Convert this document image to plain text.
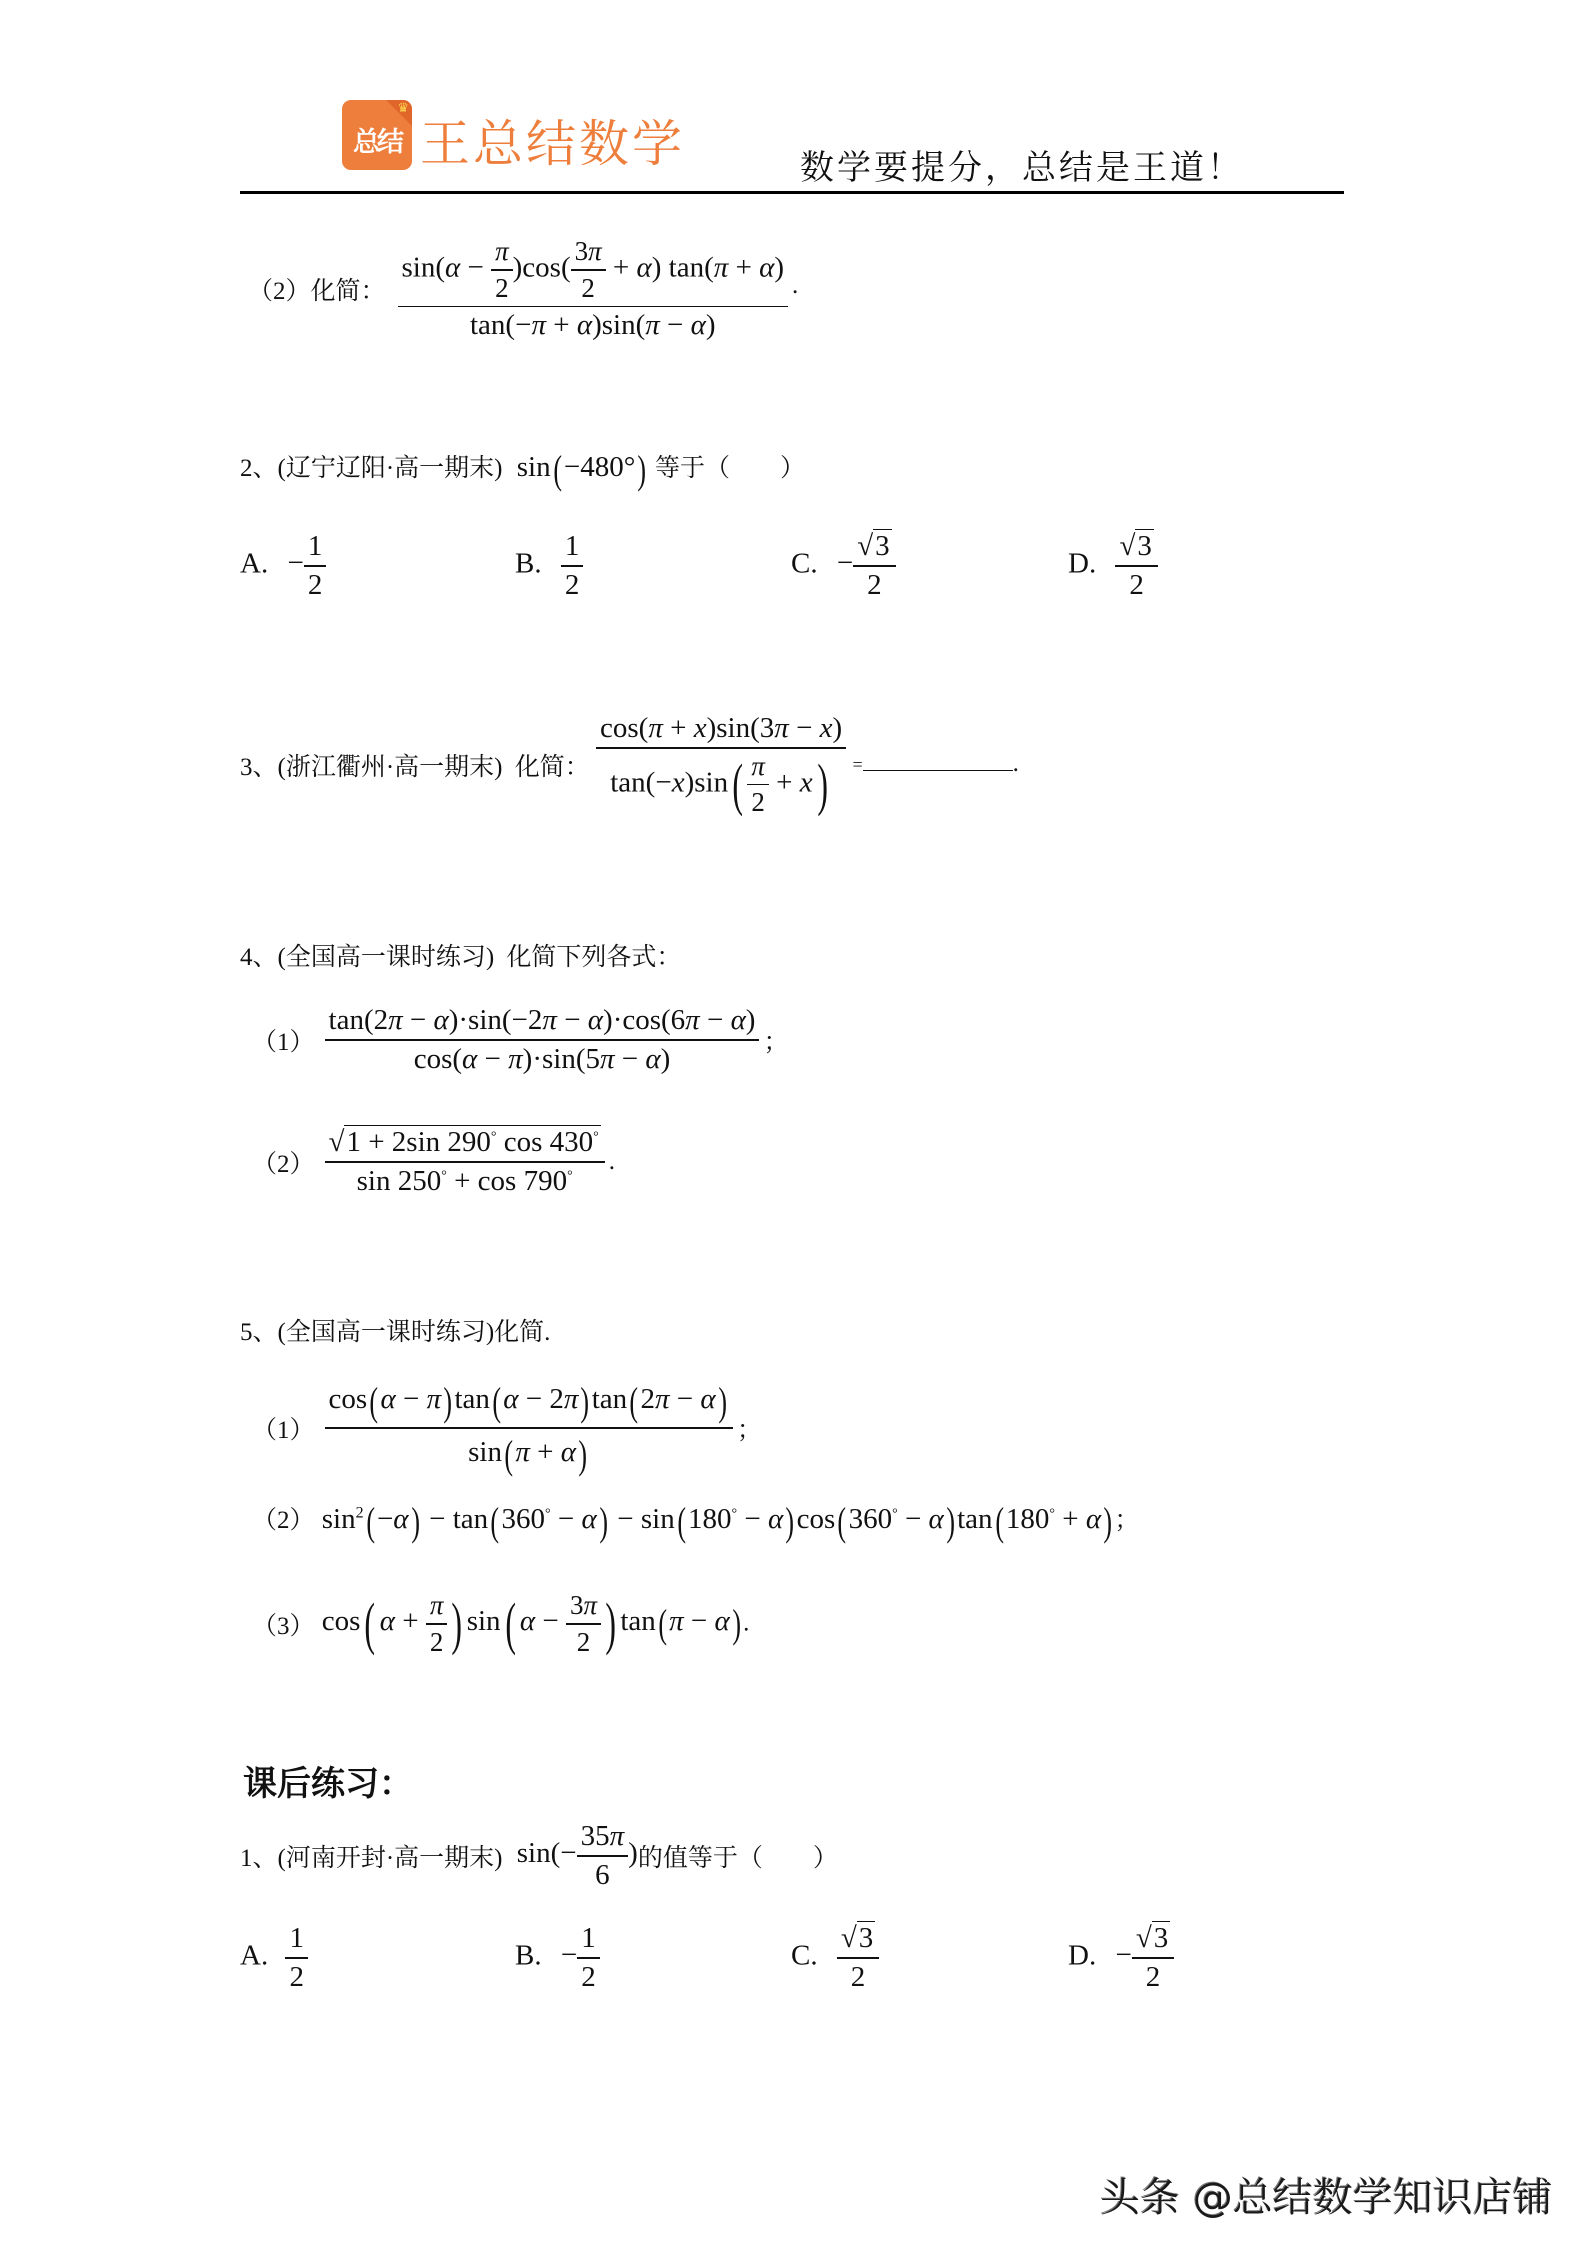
♛
总结 王总结数学	数学要提分，总结是王道！
（2）化简： $\frac{\sin(\alpha - \frac{\pi}{2} )\cos( \frac{3\pi}{2} + \alpha) \tan(\pi + \alpha)}{\tan(-\pi + \alpha)\sin(\pi - \alpha)}$ .
2、(辽宁辽阳·高一期末) sin(−480°) 等于（　　）
A. − $\frac{1}{2}$	B. $\frac{1}{2}$	C. − $\frac{√3}{2}$	D. $\frac{√3}{2}$
3、(浙江衢州·高一期末) 化简： $\frac{\cos(\pi + x)\sin(3\pi - x)}{\tan(-x)\sin( \frac{\pi}{2} + x)}$ =	.
4、(全国高一课时练习) 化简下列各式：
$(1) \frac{\tan(2\pi - \alpha)\cdot\sin(-2\pi - \alpha)\cdot\cos(6\pi - \alpha)}{\cos(\alpha - \pi)\cdot\sin(5\pi - \alpha)}$ ；
$(2) \frac{√1 + 2\sin 290^\circ \cos 430^\circ}{\sin 250^\circ + \cos 790^\circ}$ .
5、(全国高一课时练习)化简.
$(1) \frac{\cos(\alpha - \pi)\tan(\alpha - 2\pi)\tan(2\pi - \alpha)}{\sin(\pi + \alpha)}$ ；
（2） $\sin^2(-\alpha) - \tan(360^\circ - \alpha) - \sin(180^\circ - \alpha)\cos(360^\circ - \alpha)\tan(180^\circ + \alpha)$；
（3） cos( $\alpha + \frac{\pi}{2}$ ) sin( $\alpha - \frac{3\pi}{2}$ ) tan(π − α).
课后练习：
1、(河南开封·高一期末) $\sin(- \frac{35\pi}{6}$ )的值等于（　　）
A. $\frac{1}{2}$	B. − $\frac{1}{2}$	C. $\frac{√3}{2}$	D. − $\frac{√3}{2}$
头条 @总结数学知识店铺
